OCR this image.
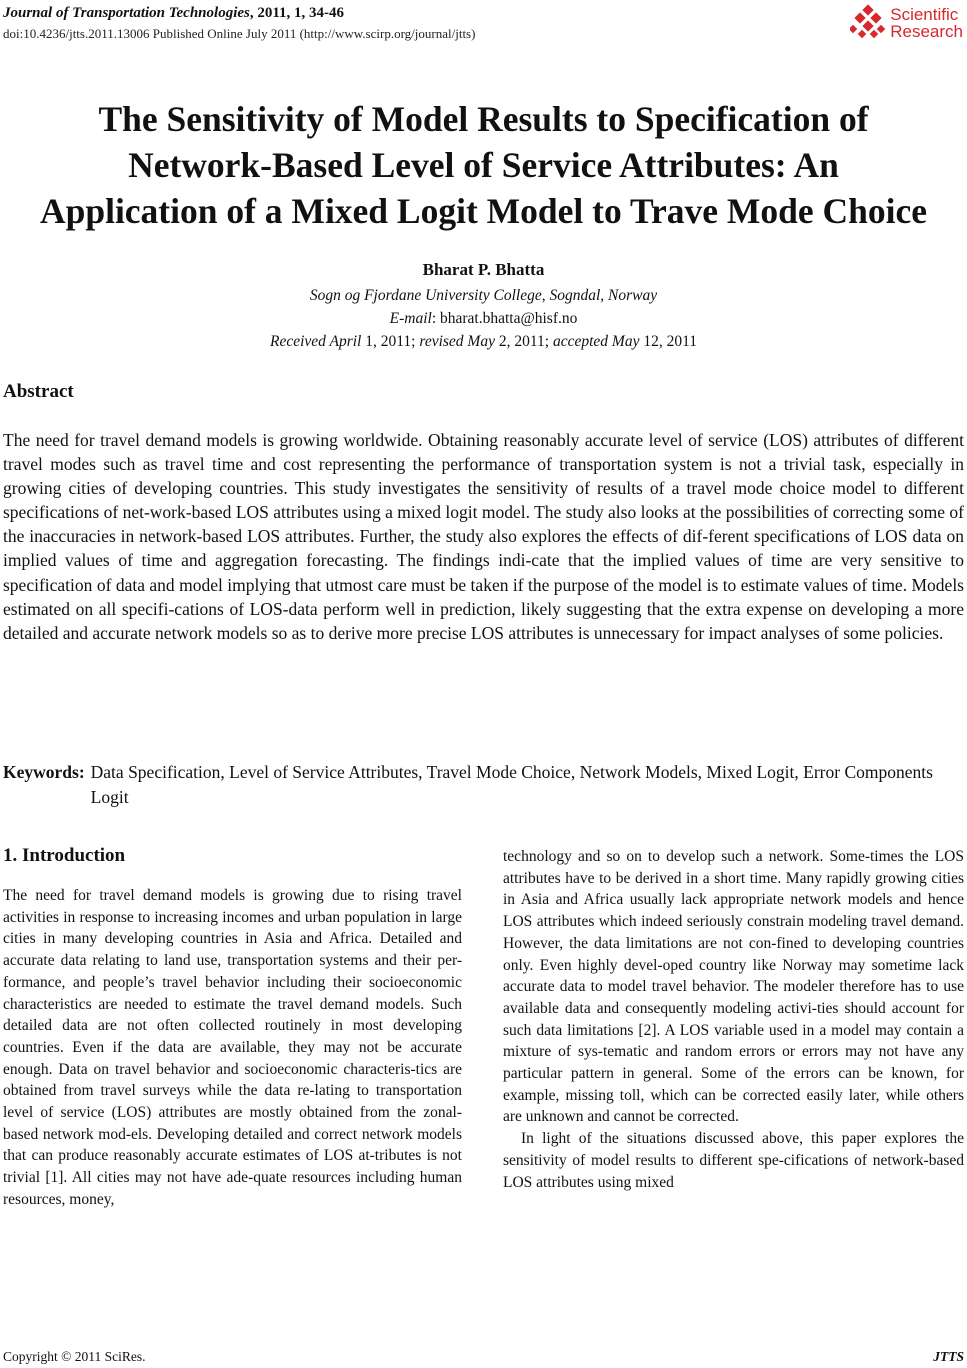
Journal of Transportation Technologies, 2011, 1, 34-46
doi:10.4236/jtts.2011.13006 Published Online July 2011 (http://www.scirp.org/journal/jtts)
Scientific
Research
The Sensitivity of Model Results to Specification of
Network-Based Level of Service Attributes: An
Application of a Mixed Logit Model to Trave Mode Choice
Bharat P. Bhatta
Sogn og Fjordane University College, Sogndal, Norway
E-mail: bharat.bhatta@hisf.no
Received April 1, 2011; revised May 2, 2011; accepted May 12, 2011
Abstract

The need for travel demand models is growing worldwide. Obtaining reasonably accurate level of service (LOS) attributes of different travel modes such as travel time and cost representing the performance of transportation system is not a trivial task, especially in growing cities of developing countries. This study investigates the sensitivity of results of a travel mode choice model to different specifications of net-work-based LOS attributes using a mixed logit model. The study also looks at the possibilities of correcting some of the inaccuracies in network-based LOS attributes. Further, the study also explores the effects of dif-ferent specifications of LOS data on implied values of time and aggregation forecasting. The findings indi-cate that the implied values of time are very sensitive to specification of data and model implying that utmost care must be taken if the purpose of the model is to estimate values of time. Models estimated on all specifi-cations of LOS-data perform well in prediction, likely suggesting that the extra expense on developing a more detailed and accurate network models so as to derive more precise LOS attributes is unnecessary for impact analyses of some policies.

Keywords: Data Specification, Level of Service Attributes, Travel Mode Choice, Network Models, Mixed Logit, Error Components Logit
1. Introduction

The need for travel demand models is growing due to rising travel activities in response to increasing incomes and urban population in large cities in many developing countries in Asia and Africa. Detailed and accurate data relating to land use, transportation systems and their per-formance, and people’s travel behavior including their socioeconomic characteristics are needed to estimate the travel demand models. Such detailed data are not often collected routinely in most developing countries. Even if the data are available, they may not be accurate enough. Data on travel behavior and socioeconomic characteris-tics are obtained from travel surveys while the data re-lating to transportation level of service (LOS) attributes are mostly obtained from the zonal-based network mod-els. Developing detailed and correct network models that can produce reasonably accurate estimates of LOS at-tributes is not trivial [1]. All cities may not have ade-quate resources including human resources, money,

technology and so on to develop such a network. Some-times the LOS attributes have to be derived in a short time. Many rapidly growing cities in Asia and Africa usually lack appropriate network models and hence LOS attributes which indeed seriously constrain modeling travel demand. However, the data limitations are not con-fined to developing countries only. Even highly devel-oped country like Norway may sometime lack accurate data to model travel behavior. The modeler therefore has to use available data and consequently modeling activi-ties should account for such data limitations [2]. A LOS variable used in a model may contain a mixture of sys-tematic and random errors or errors may not have any particular pattern in general. Some of the errors can be known, for example, missing toll, which can be corrected easily later, while others are unknown and cannot be corrected.

In light of the situations discussed above, this paper explores the sensitivity of model results to different spe-cifications of network-based LOS attributes using mixed

Copyright © 2011 SciRes.	JTTS
